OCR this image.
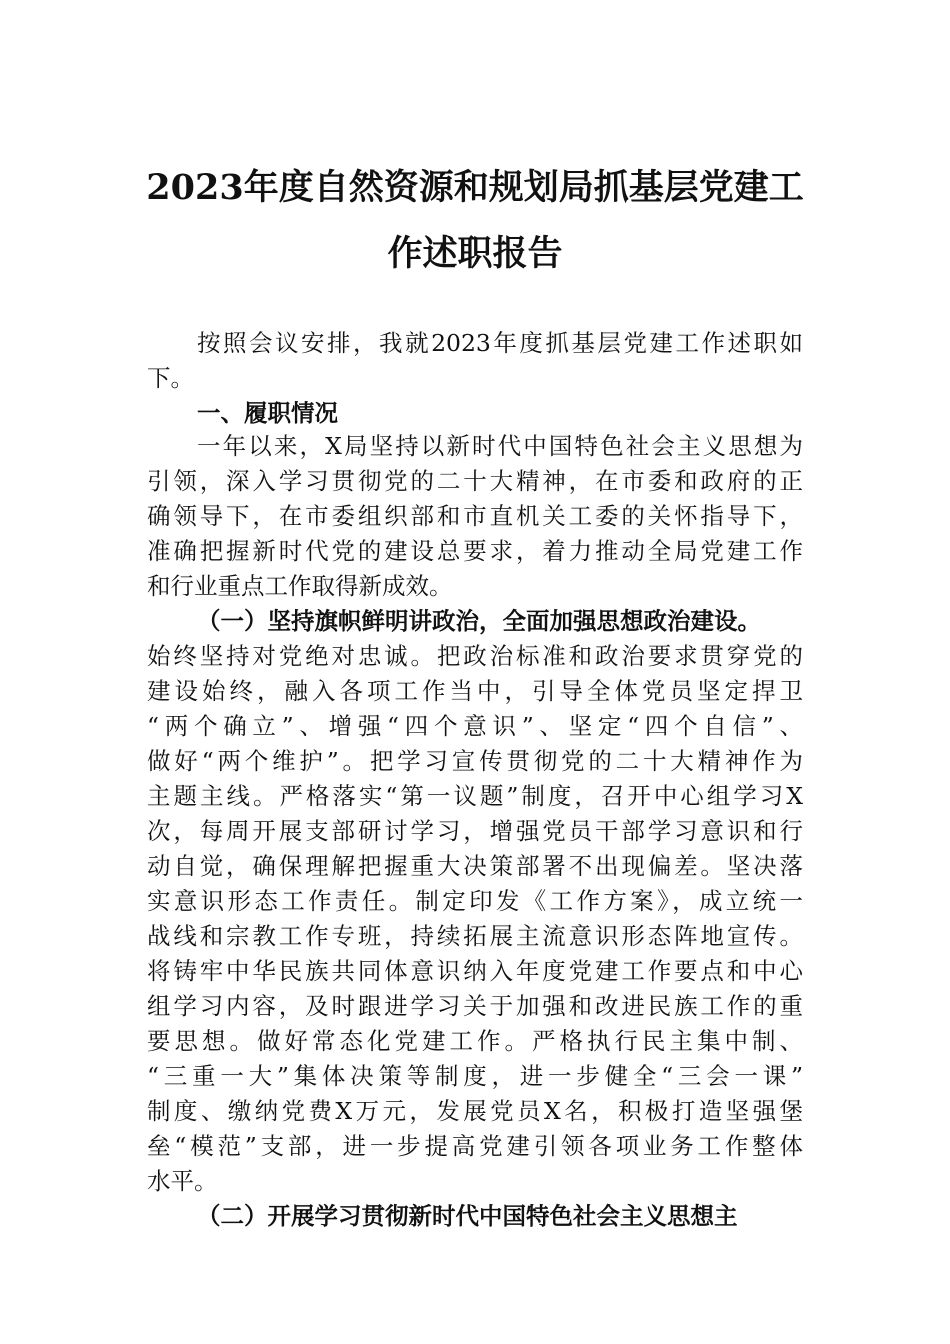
2023年度自然资源和规划局抓基层党建工
作述职报告

按照会议安排，我就2023年度抓基层党建工作述职如

下。

一、履职情况

一年以来，X局坚持以新时代中国特色社会主义思想为

引领，深入学习贯彻党的二十大精神，在市委和政府的正

确领导下，在市委组织部和市直机关工委的关怀指导下，

准确把握新时代党的建设总要求，着力推动全局党建工作

和行业重点工作取得新成效。

（一）坚持旗帜鲜明讲政治，全面加强思想政治建设。

始终坚持对党绝对忠诚。把政治标准和政治要求贯穿党的

建设始终，融入各项工作当中，引导全体党员坚定捍卫

“两个确立”、增强“四个意识”、坚定“四个自信”、

做好“两个维护”。把学习宣传贯彻党的二十大精神作为

主题主线。严格落实“第一议题”制度，召开中心组学习X

次，每周开展支部研讨学习，增强党员干部学习意识和行

动自觉，确保理解把握重大决策部署不出现偏差。坚决落

实意识形态工作责任。制定印发《工作方案》，成立统一

战线和宗教工作专班，持续拓展主流意识形态阵地宣传。

将铸牢中华民族共同体意识纳入年度党建工作要点和中心

组学习内容，及时跟进学习关于加强和改进民族工作的重

要思想。做好常态化党建工作。严格执行民主集中制、

“三重一大”集体决策等制度，进一步健全“三会一课”

制度、缴纳党费X万元，发展党员X名，积极打造坚强堡

垒“模范”支部，进一步提高党建引领各项业务工作整体

水平。

（二）开展学习贯彻新时代中国特色社会主义思想主
